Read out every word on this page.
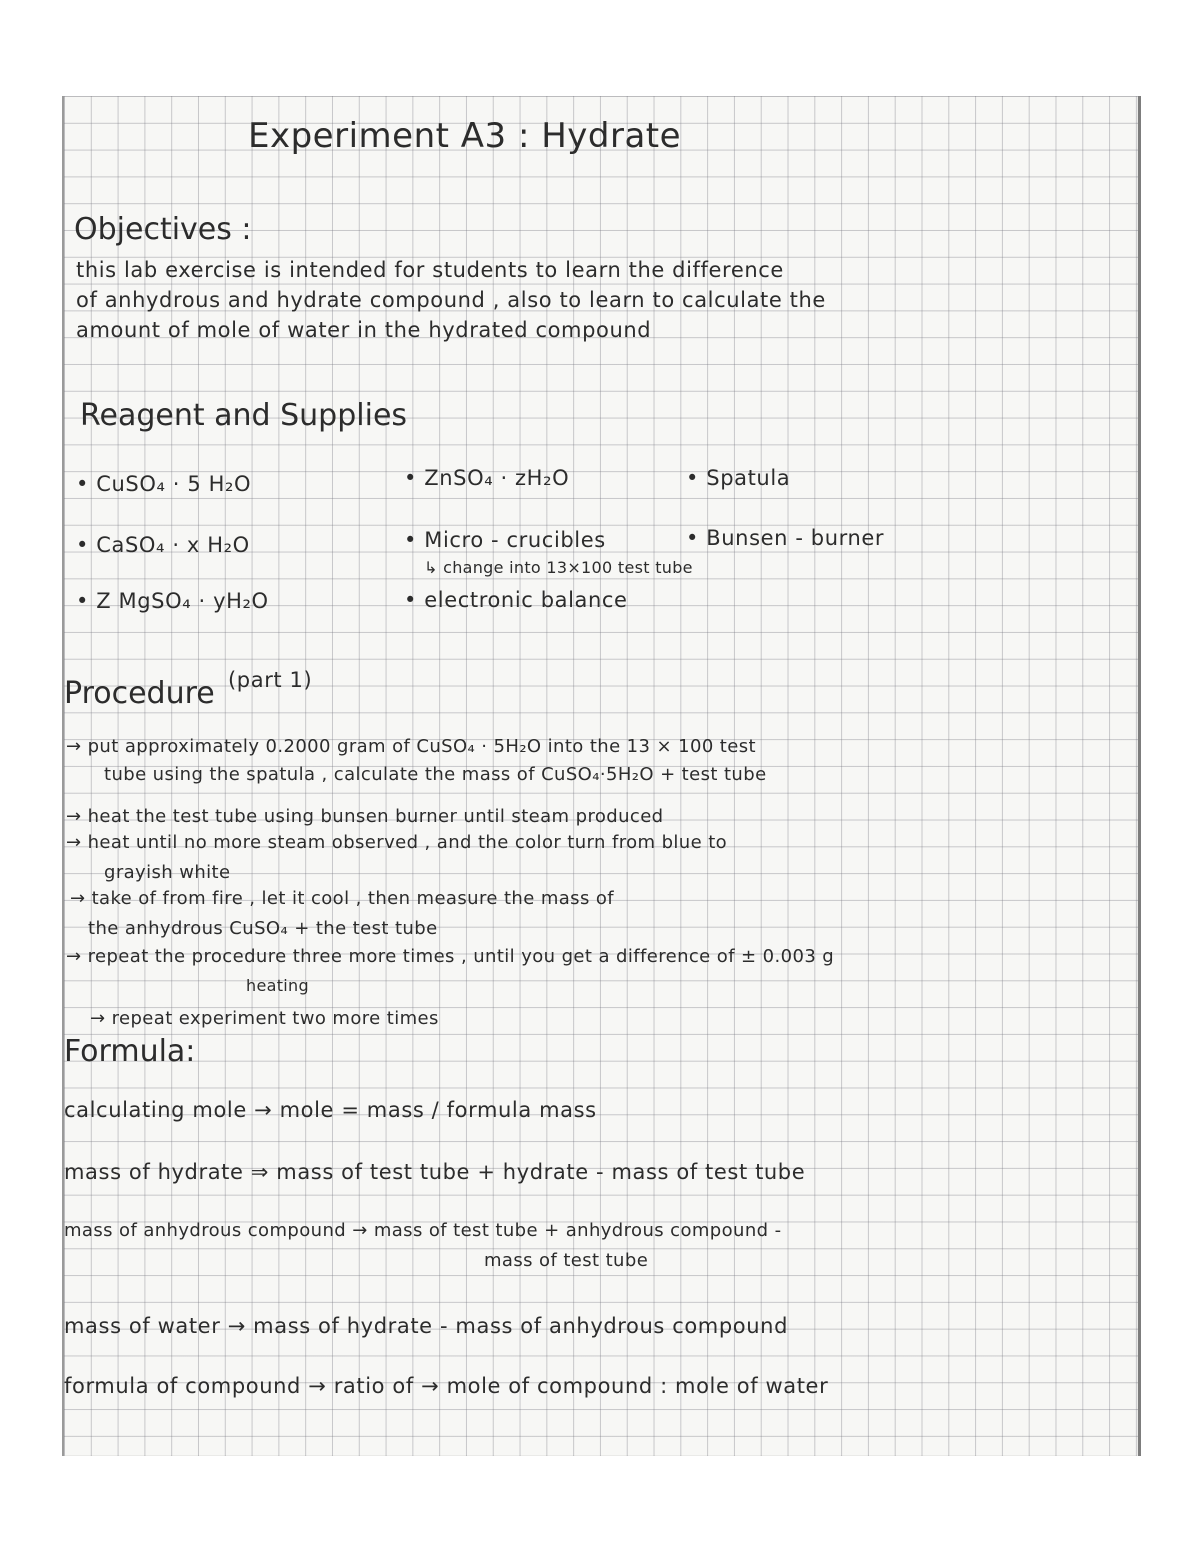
Experiment A3 : Hydrate
Objectives :
this lab exercise is intended for students to learn the difference
of anhydrous and hydrate compound , also to learn to calculate the
amount of mole of water in the hydrated compound
Reagent and Supplies
• CuSO₄ · 5 H₂O
• CaSO₄ · x H₂O
• Z MgSO₄ · yH₂O
• ZnSO₄ · zH₂O
• Micro - crucibles
↳ change into 13×100 test tube
• electronic balance
• Spatula
• Bunsen - burner
Procedure (part 1)
→ put approximately 0.2000 gram of CuSO₄ · 5H₂O into the 13 × 100 test
tube using the spatula , calculate the mass of CuSO₄·5H₂O + test tube
→ heat the test tube using bunsen burner until steam produced
→ heat until no more steam observed , and the color turn from blue to
grayish white
→ take of from fire , let it cool , then measure the mass of
the anhydrous CuSO₄ + the test tube
→ repeat the procedure three more times , until you get a difference of ± 0.003 g
heating
→ repeat experiment two more times
Formula:
calculating mole → mole = mass / formula mass
mass of hydrate ⇒ mass of test tube + hydrate - mass of test tube
mass of anhydrous compound → mass of test tube + anhydrous compound -
mass of test tube
mass of water → mass of hydrate - mass of anhydrous compound
formula of compound → ratio of → mole of compound : mole of water
